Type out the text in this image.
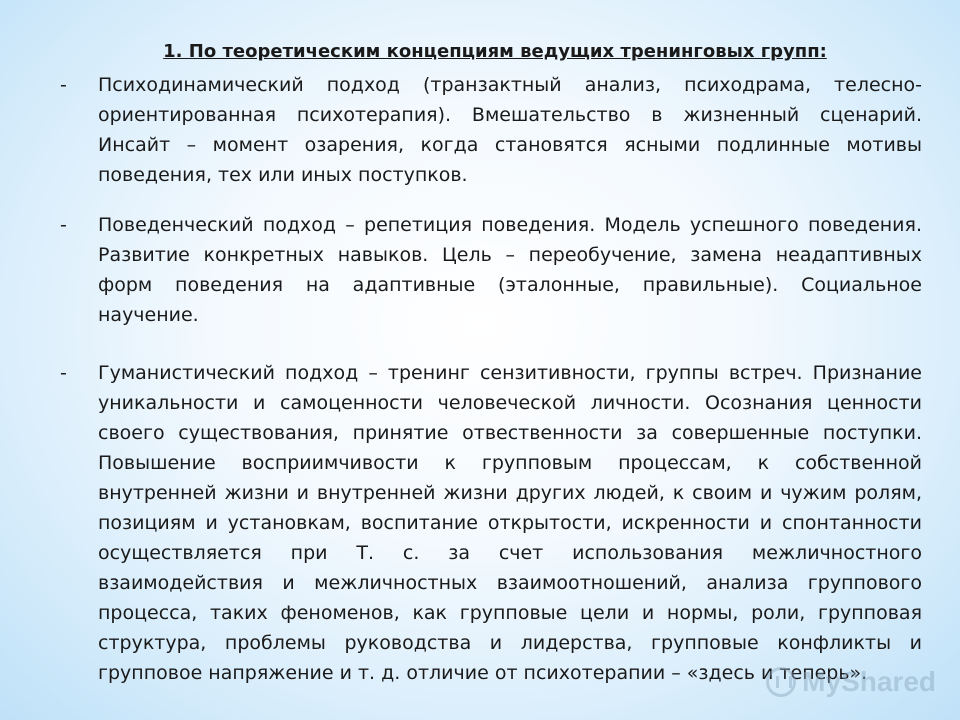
1. По теоретическим концепциям ведущих тренинговых групп:
-	Психодинамический подход (транзактный анализ, психодрама, телесно-ориентированная психотерапия). Вмешательство в жизненный сценарий. Инсайт – момент озарения, когда становятся ясными подлинные мотивы поведения, тех или иных поступков.
-	Поведенческий подход – репетиция поведения. Модель успешного поведения. Развитие конкретных навыков. Цель – переобучение, замена неадаптивных форм поведения на адаптивные (эталонные, правильные). Социальное научение.
-	Гуманистический подход – тренинг сензитивности, группы встреч. Признание уникальности и самоценности человеческой личности. Осознания ценности своего существования, принятие отвественности за совершенные поступки. Повышение восприимчивости к групповым процессам, к собственной внутренней жизни и внутренней жизни других людей, к своим и чужим ролям, позициям и установкам, воспитание открытости, искренности и спонтанности осуществляется при Т. с. за счет использования межличностного взаимодействия и межличностных взаимоотношений, анализа группового процесса, таких феноменов, как групповые цели и нормы, роли, групповая структура, проблемы руководства и лидерства, групповые конфликты и групповое напряжение и т. д. отличие от психотерапии – «здесь и теперь».
MyShared
